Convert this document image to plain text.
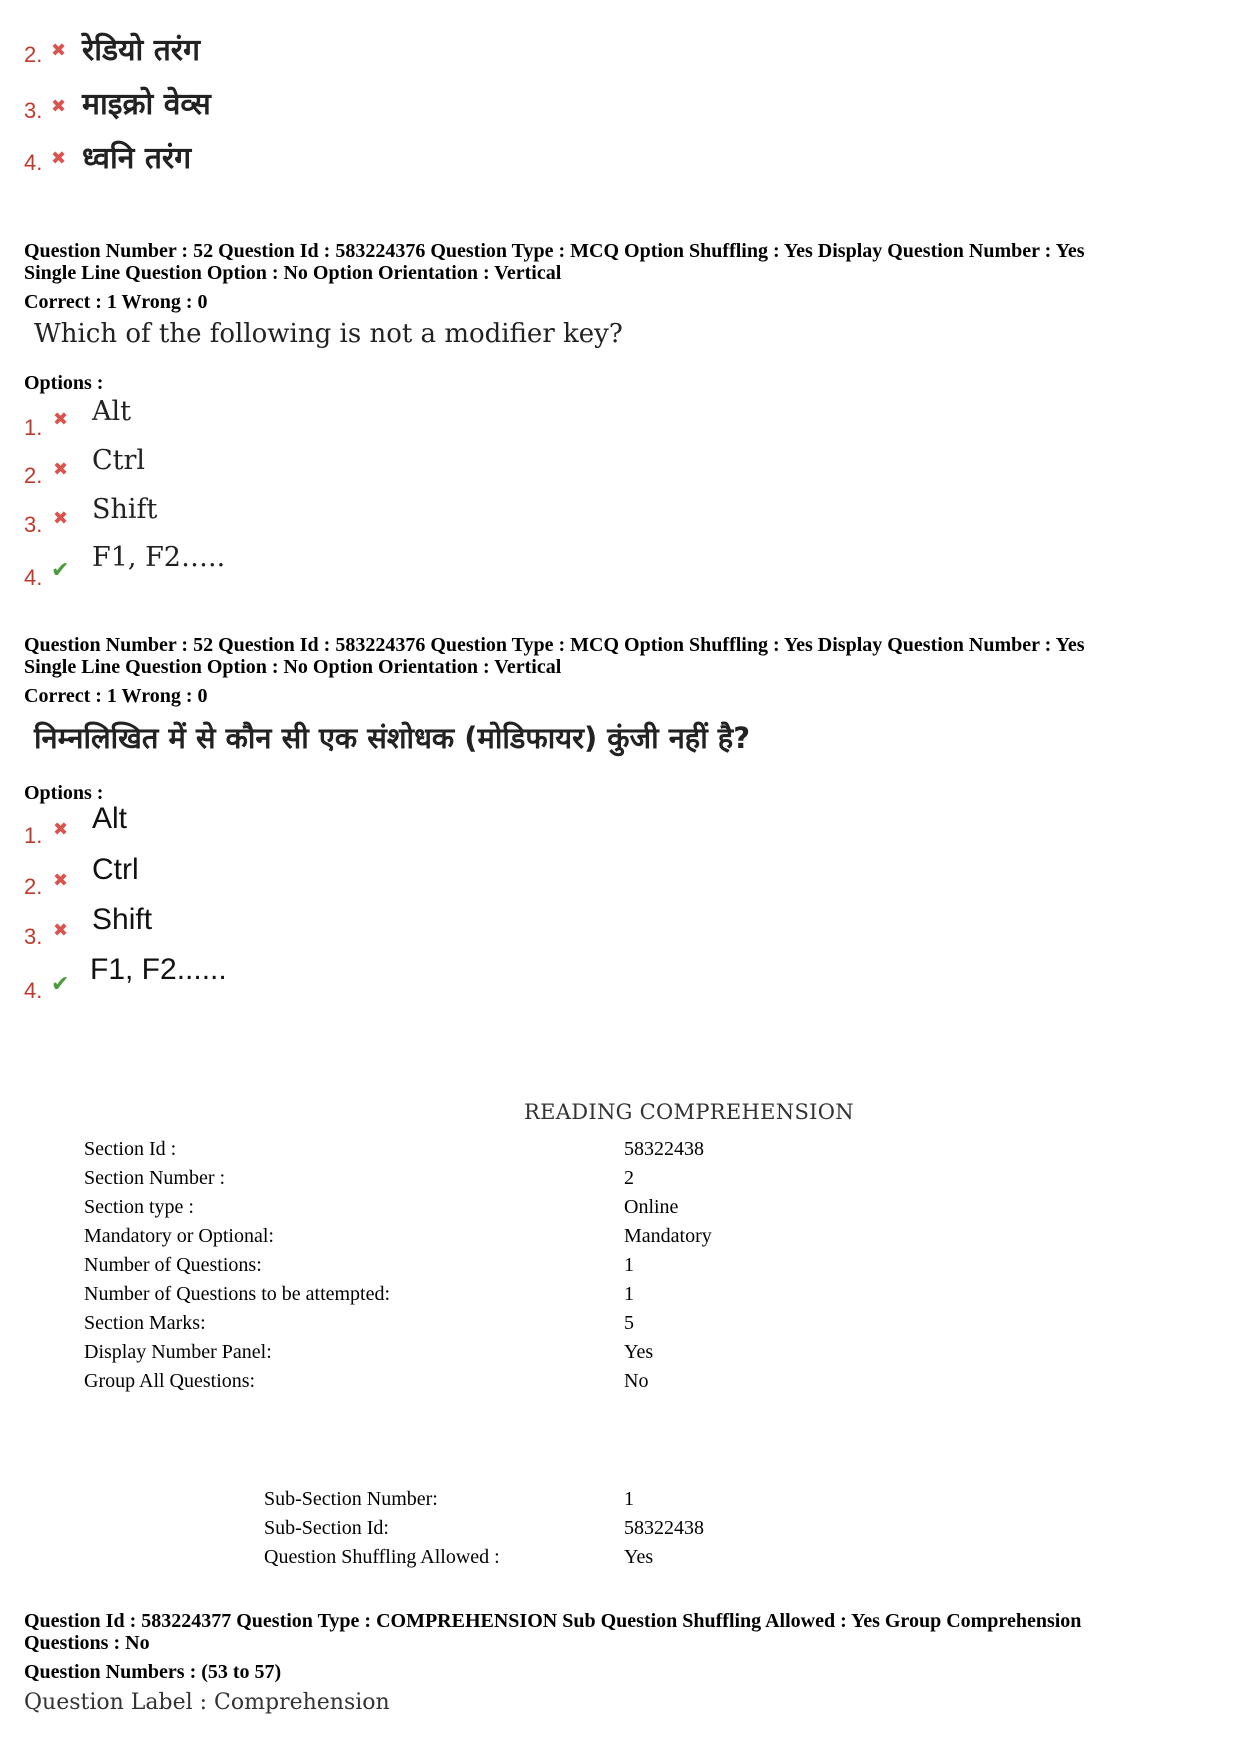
2. ✖ रेडियो तरंग
3. ✖ माइक्रो वेव्स
4. ✖ ध्वनि तरंग
Question Number : 52 Question Id : 583224376 Question Type : MCQ Option Shuffling : Yes Display Question Number : Yes
Single Line Question Option : No Option Orientation : Vertical
Correct : 1 Wrong : 0
Which of the following is not a modifier key?
Options :
1. ✖ Alt
2. ✖ Ctrl
3. ✖ Shift
4. ✔ F1, F2…..
Question Number : 52 Question Id : 583224376 Question Type : MCQ Option Shuffling : Yes Display Question Number : Yes
Single Line Question Option : No Option Orientation : Vertical
Correct : 1 Wrong : 0
निम्नलिखित में से कौन सी एक संशोधक (मोडिफायर) कुंजी नहीं है?
Options :
1. ✖ Alt
2. ✖ Ctrl
3. ✖ Shift
4. ✔ F1, F2......
READING COMPREHENSION
Section Id :	58322438
Section Number :	2
Section type :	Online
Mandatory or Optional:	Mandatory
Number of Questions:	1
Number of Questions to be attempted:	1
Section Marks:	5
Display Number Panel:	Yes
Group All Questions:	No
Sub-Section Number:	1
Sub-Section Id:	58322438
Question Shuffling Allowed :	Yes
Question Id : 583224377 Question Type : COMPREHENSION Sub Question Shuffling Allowed : Yes Group Comprehension
Questions : No
Question Numbers : (53 to 57)
Question Label : Comprehension
